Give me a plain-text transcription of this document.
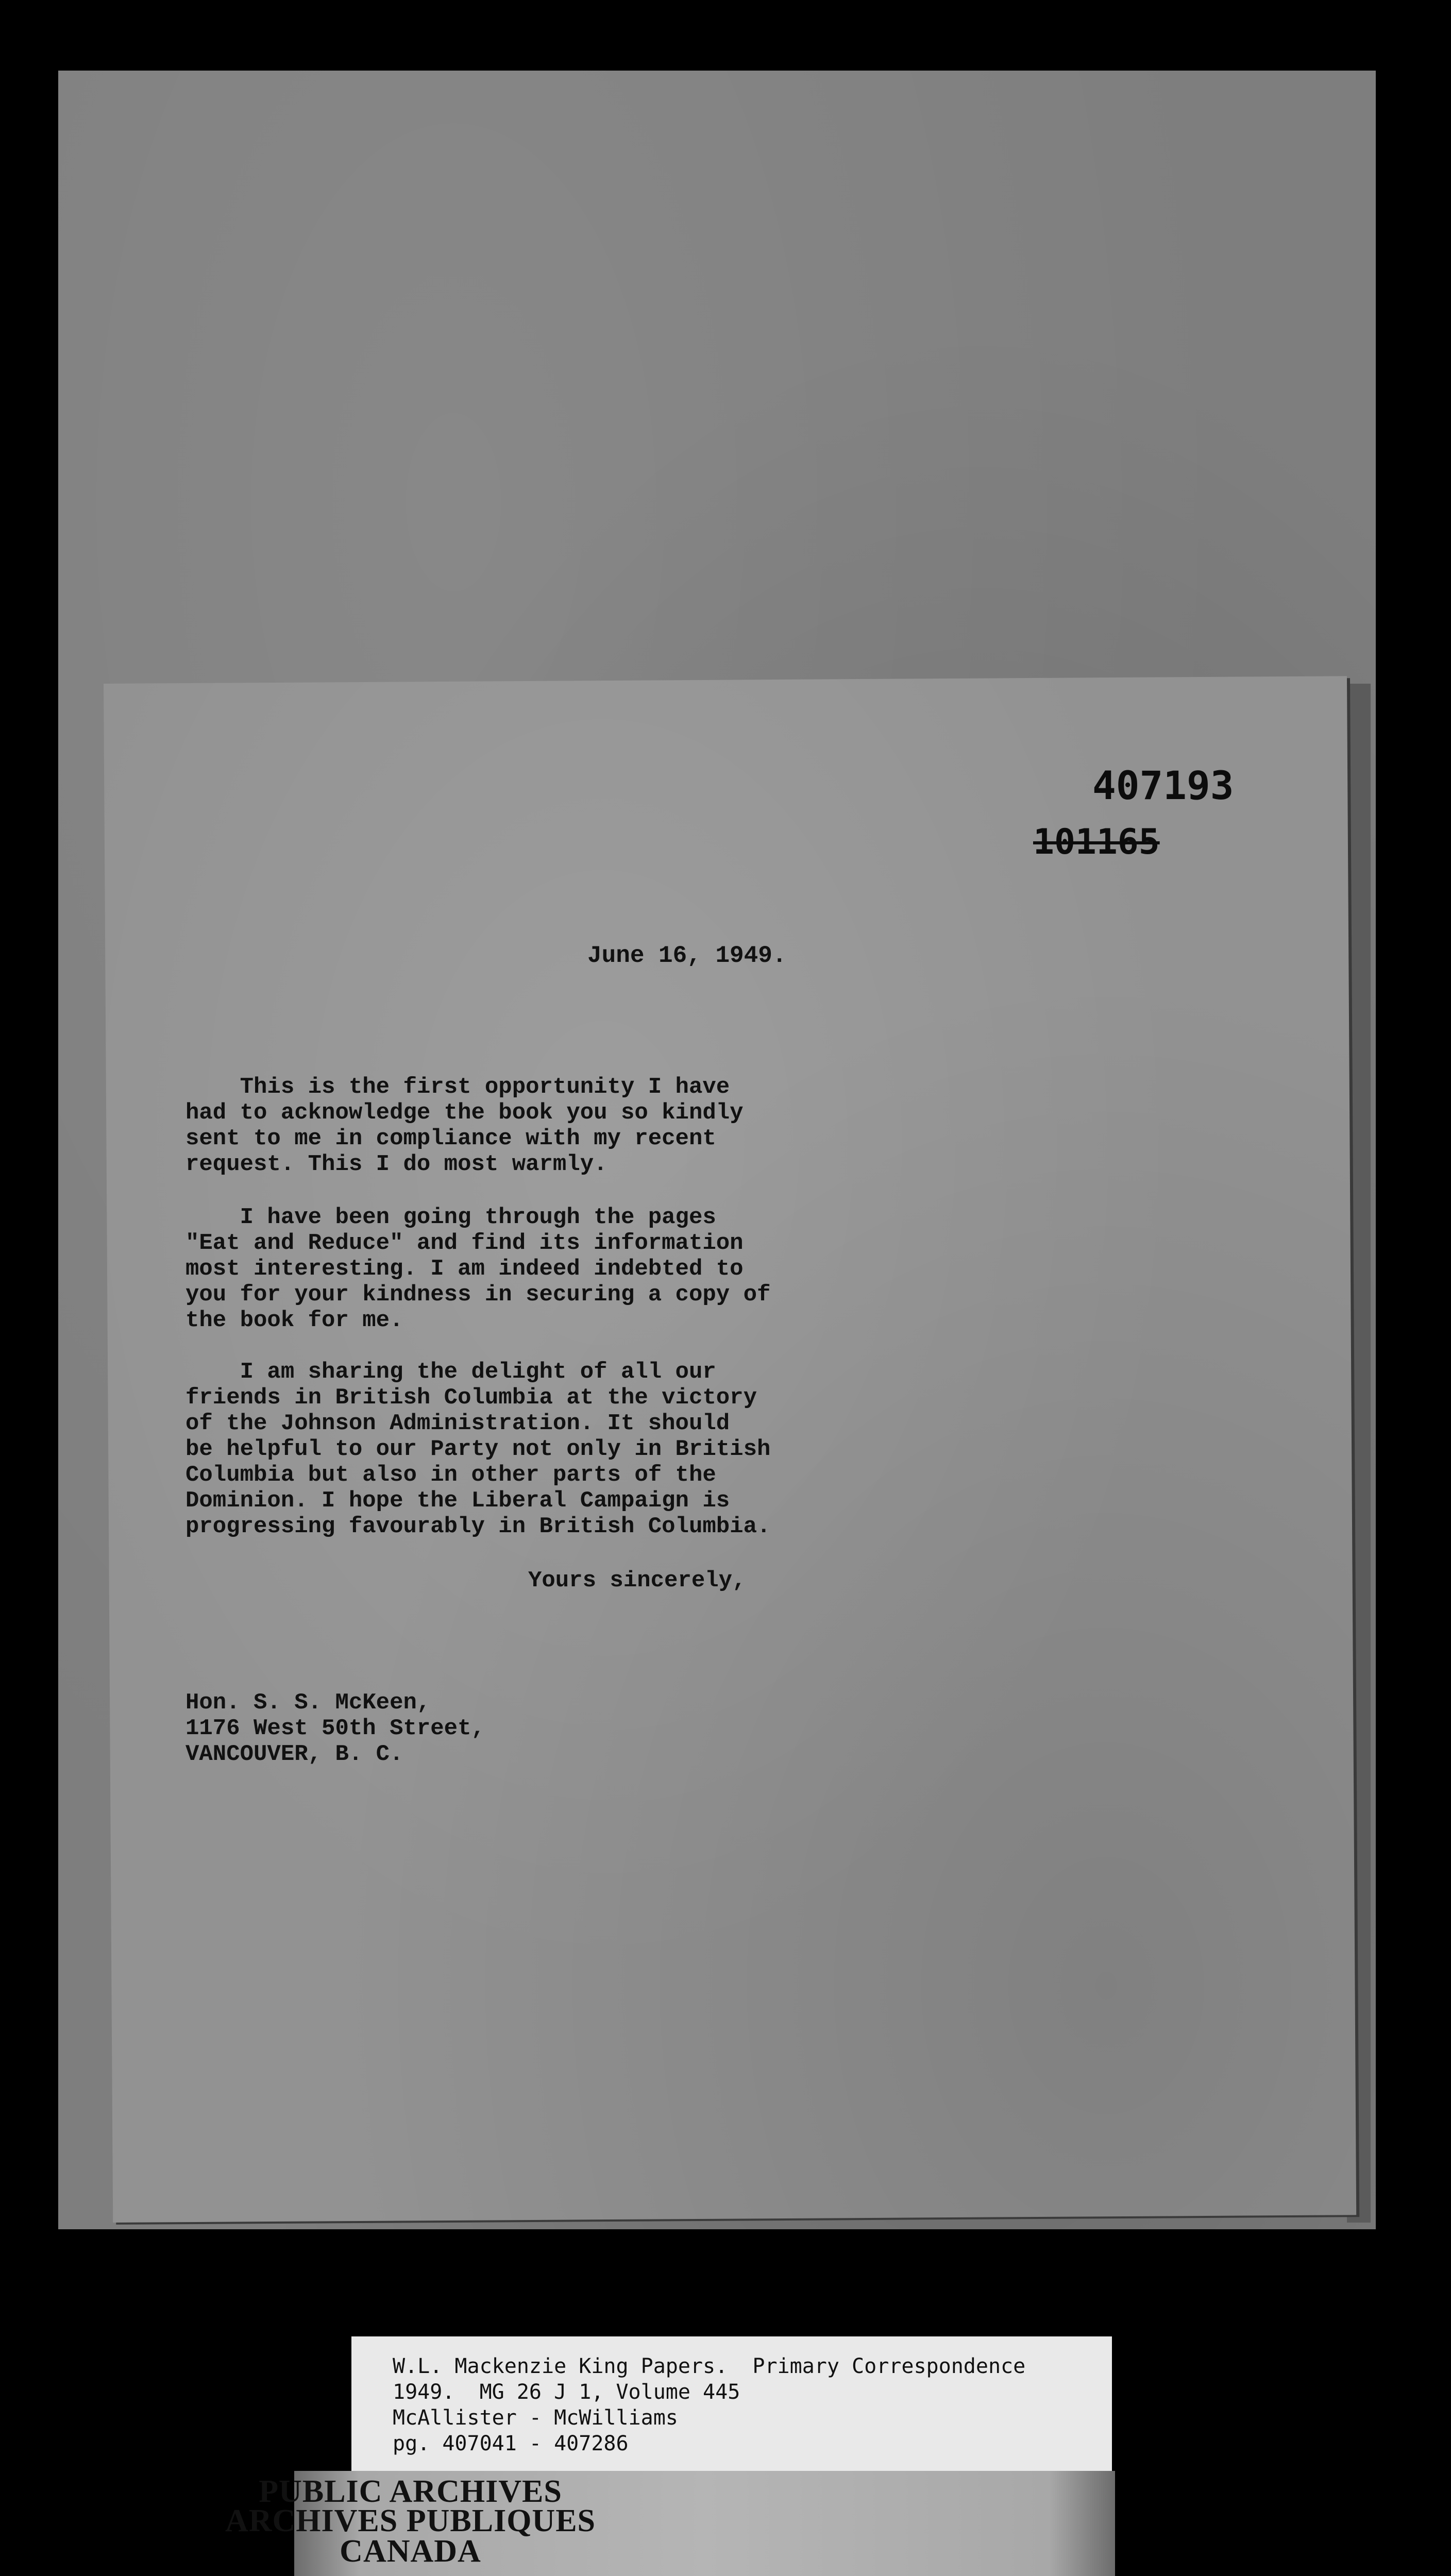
407193
101165
June 16, 1949.
This is the first opportunity I have
had to acknowledge the book you so kindly
sent to me in compliance with my recent
request. This I do most warmly.
I have been going through the pages
"Eat and Reduce" and find its information
most interesting. I am indeed indebted to
you for your kindness in securing a copy of
the book for me.
I am sharing the delight of all our
friends in British Columbia at the victory
of the Johnson Administration. It should
be helpful to our Party not only in British
Columbia but also in other parts of the
Dominion. I hope the Liberal Campaign is
progressing favourably in British Columbia.
Yours sincerely,
Hon. S. S. McKeen,
1176 West 50th Street,
VANCOUVER, B. C.
W.L. Mackenzie King Papers.  Primary Correspondence
1949.  MG 26 J 1, Volume 445
McAllister - McWilliams
pg. 407041 - 407286
PUBLIC ARCHIVES
ARCHIVES PUBLIQUES
CANADA
